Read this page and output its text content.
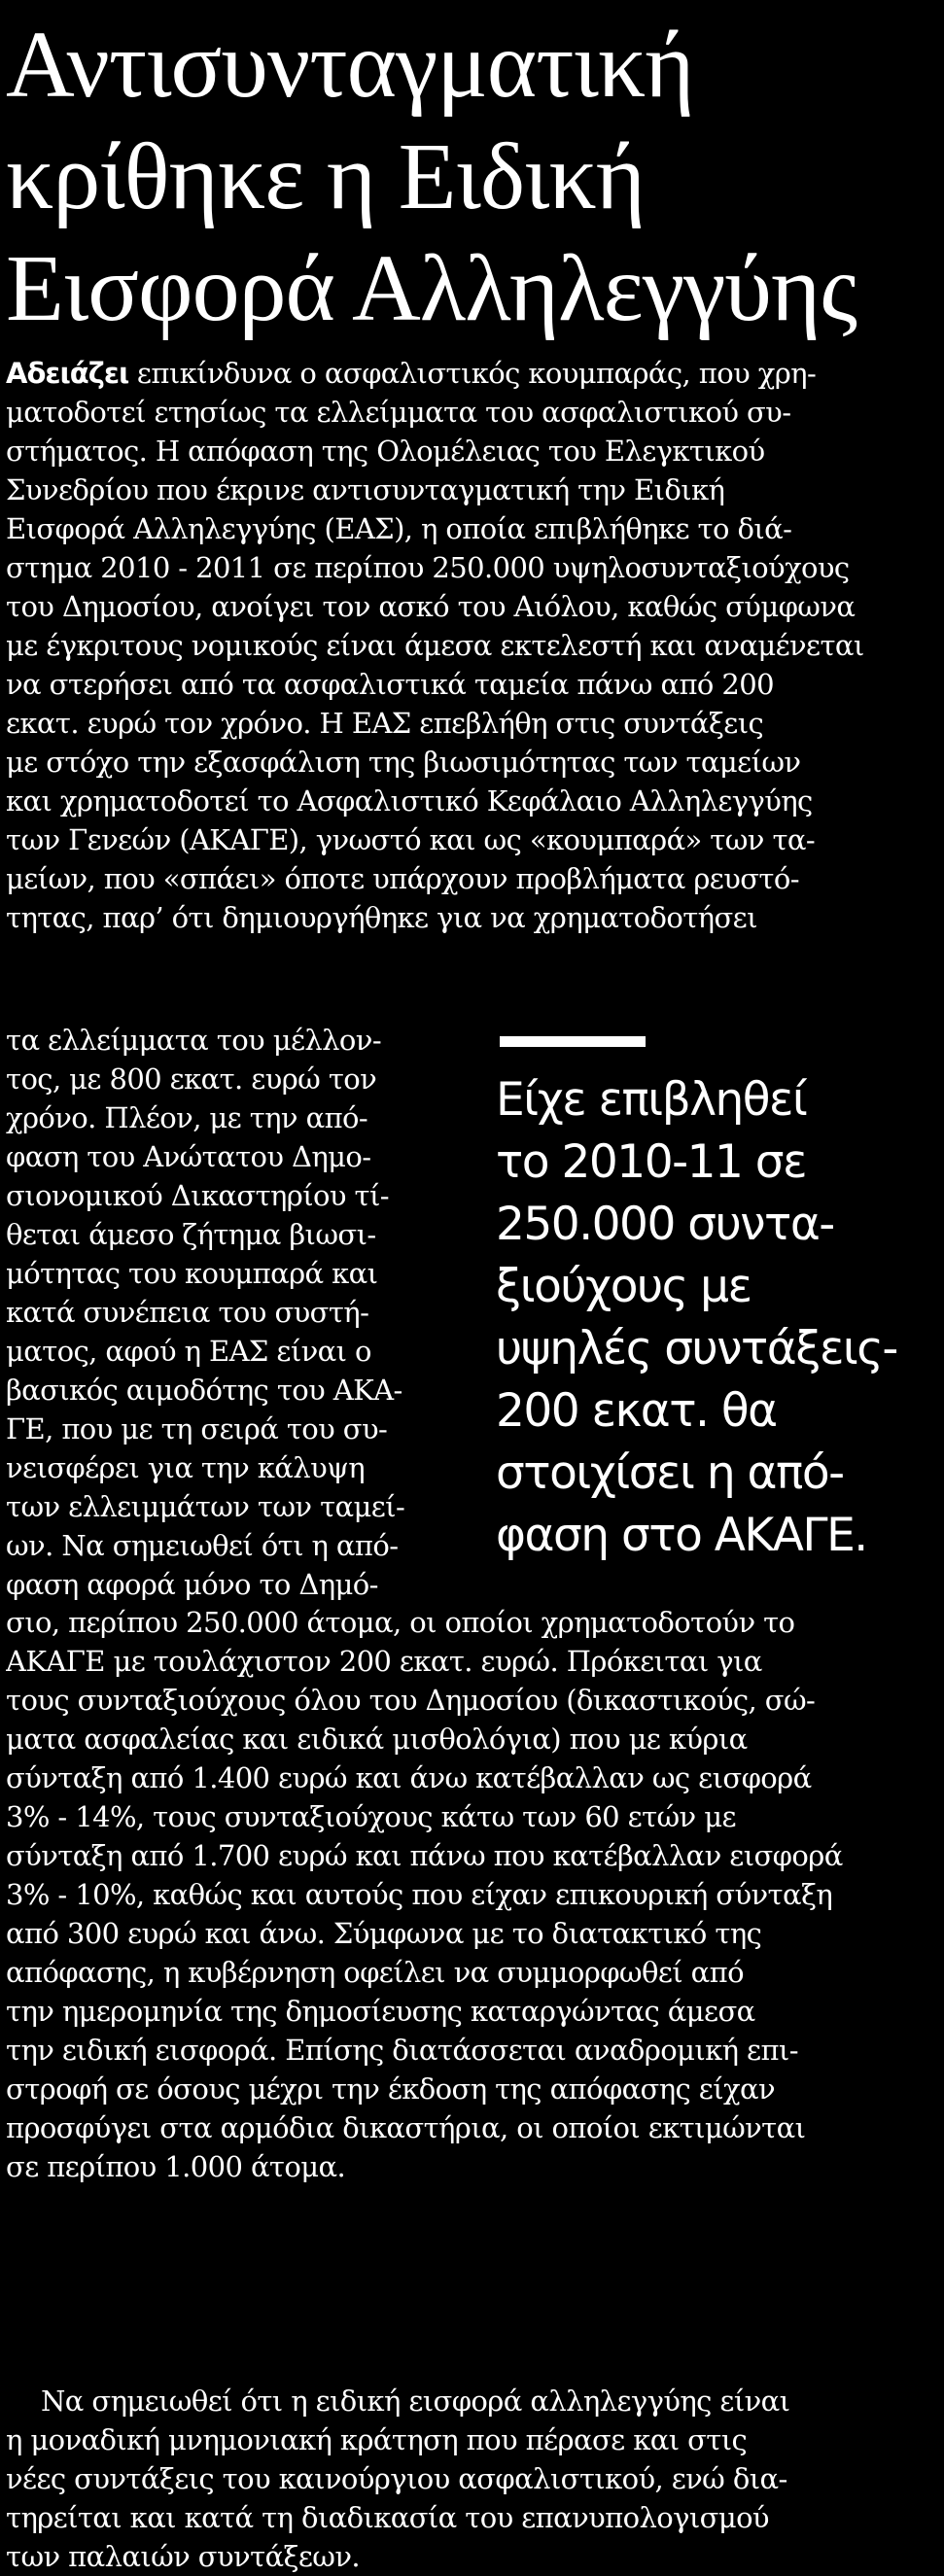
Αντισυνταγματική
κρίθηκε η Ειδική
Εισφορά Αλληλεγγύης
Αδειάζει επικίνδυνα ο ασφαλιστικός κουμπαράς, που χρη-
ματοδοτεί ετησίως τα ελλείμματα του ασφαλιστικού συ-
στήματος. Η απόφαση της Ολομέλειας του Ελεγκτικού
Συνεδρίου που έκρινε αντισυνταγματική την Ειδική
Εισφορά Αλληλεγγύης (ΕΑΣ), η οποία επιβλήθηκε το διά-
στημα 2010 - 2011 σε περίπου 250.000 υψηλοσυνταξιούχους
του Δημοσίου, ανοίγει τον ασκό του Αιόλου, καθώς σύμφωνα
με έγκριτους νομικούς είναι άμεσα εκτελεστή και αναμένεται
να στερήσει από τα ασφαλιστικά ταμεία πάνω από 200
εκατ. ευρώ τον χρόνο. Η ΕΑΣ επεβλήθη στις συντάξεις
με στόχο την εξασφάλιση της βιωσιμότητας των ταμείων
και χρηματοδοτεί το Ασφαλιστικό Κεφάλαιο Αλληλεγγύης
των Γενεών (ΑΚΑΓΕ), γνωστό και ως «κουμπαρά» των τα-
μείων, που «σπάει» όποτε υπάρχουν προβλήματα ρευστό-
τητας, παρ’ ότι δημιουργήθηκε για να χρηματοδοτήσει
τα ελλείμματα του μέλλον-
τος, με 800 εκατ. ευρώ τον
χρόνο. Πλέον, με την από-
φαση του Ανώτατου Δημο-
σιονομικού Δικαστηρίου τί-
θεται άμεσο ζήτημα βιωσι-
μότητας του κουμπαρά και
κατά συνέπεια του συστή-
ματος, αφού η ΕΑΣ είναι ο
βασικός αιμοδότης του ΑΚΑ-
ΓΕ, που με τη σειρά του συ-
νεισφέρει για την κάλυψη
των ελλειμμάτων των ταμεί-
ων. Να σημειωθεί ότι η από-
φαση αφορά μόνο το Δημό-
Είχε επιβληθεί
το 2010-11 σε
250.000 συντα-
ξιούχους με
υψηλές συντάξεις-
200 εκατ. θα
στοιχίσει η από-
φαση στο ΑΚΑΓΕ.
σιο, περίπου 250.000 άτομα, οι οποίοι χρηματοδοτούν το
ΑΚΑΓΕ με τουλάχιστον 200 εκατ. ευρώ. Πρόκειται για
τους συνταξιούχους όλου του Δημοσίου (δικαστικούς, σώ-
ματα ασφαλείας και ειδικά μισθολόγια) που με κύρια
σύνταξη από 1.400 ευρώ και άνω κατέβαλλαν ως εισφορά
3% - 14%, τους συνταξιούχους κάτω των 60 ετών με
σύνταξη από 1.700 ευρώ και πάνω που κατέβαλλαν εισφορά
3% - 10%, καθώς και αυτούς που είχαν επικουρική σύνταξη
από 300 ευρώ και άνω. Σύμφωνα με το διατακτικό της
απόφασης, η κυβέρνηση οφείλει να συμμορφωθεί από
την ημερομηνία της δημοσίευσης καταργώντας άμεσα
την ειδική εισφορά. Επίσης διατάσσεται αναδρομική επι-
στροφή σε όσους μέχρι την έκδοση της απόφασης είχαν
προσφύγει στα αρμόδια δικαστήρια, οι οποίοι εκτιμώνται
σε περίπου 1.000 άτομα.
Να σημειωθεί ότι η ειδική εισφορά αλληλεγγύης είναι
η μοναδική μνημονιακή κράτηση που πέρασε και στις
νέες συντάξεις του καινούργιου ασφαλιστικού, ενώ δια-
τηρείται και κατά τη διαδικασία του επανυπολογισμού
των παλαιών συντάξεων.
